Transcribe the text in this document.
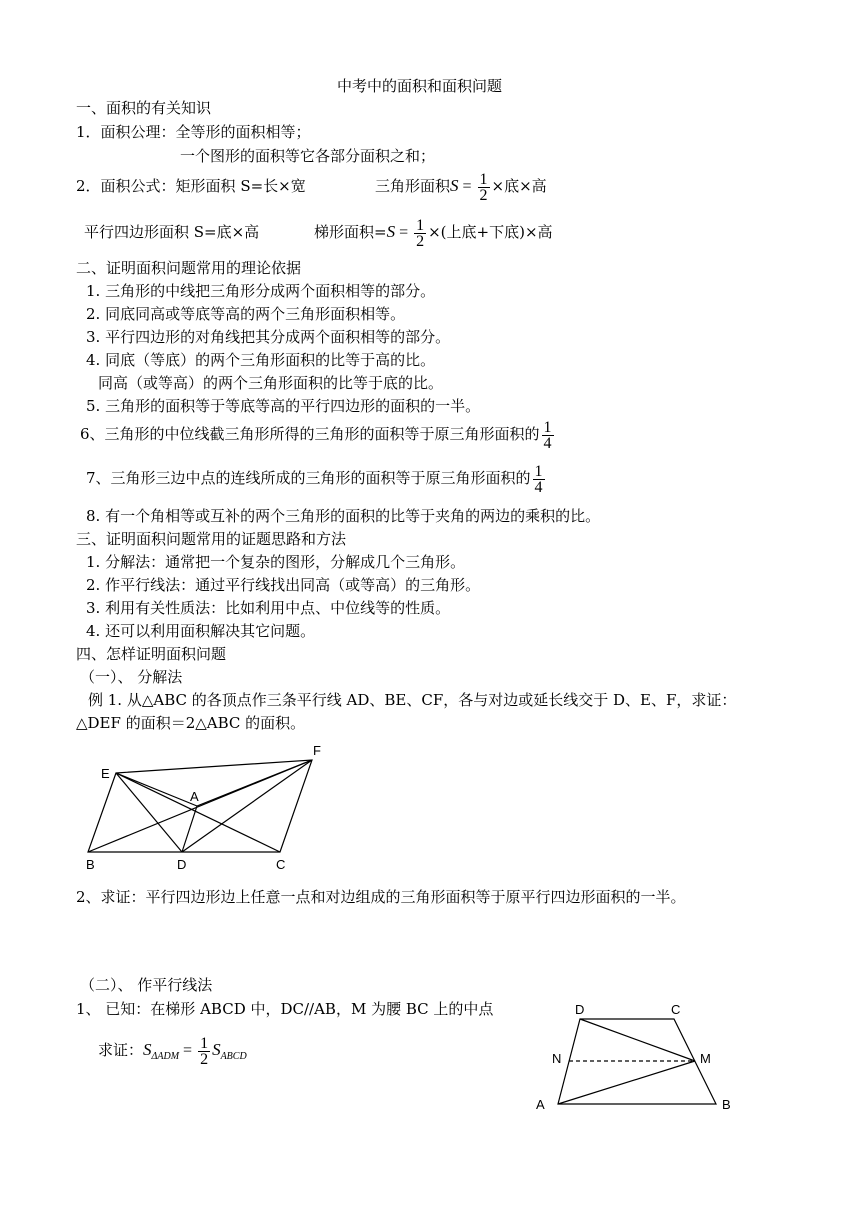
中考中的面积和面积问题
一、面积的有关知识
1．面积公理：全等形的面积相等；
一个图形的面积等它各部分面积之和；
2．面积公式：矩形面积 S=长×宽	三角形面积$S = \frac{1}{2}$ ×底×高
平行四边形面积 S=底×高	梯形面积$=S = \frac{1}{2}$ ×(上底+下底)×高
二、证明面积问题常用的理论依据
1. 三角形的中线把三角形分成两个面积相等的部分。
2. 同底同高或等底等高的两个三角形面积相等。
3. 平行四边形的对角线把其分成两个面积相等的部分。
4. 同底（等底）的两个三角形面积的比等于高的比。
同高（或等高）的两个三角形面积的比等于底的比。
5. 三角形的面积等于等底等高的平行四边形的面积的一半。
6、三角形的中位线截三角形所得的三角形的面积等于原三角形面积的 $\frac{1}{4}$
7、三角形三边中点的连线所成的三角形的面积等于原三角形面积的 $\frac{1}{4}$
8. 有一个角相等或互补的两个三角形的面积的比等于夹角的两边的乘积的比。
三、证明面积问题常用的证题思路和方法
1. 分解法：通常把一个复杂的图形，分解成几个三角形。
2. 作平行线法：通过平行线找出同高（或等高）的三角形。
3. 利用有关性质法：比如利用中点、中位线等的性质。
4. 还可以利用面积解决其它问题。
四、怎样证明面积问题
（一）、 分解法
例 1. 从△ABC 的各顶点作三条平行线 AD、BE、CF，各与对边或延长线交于 D、E、F，求证：
△DEF 的面积＝2△ABC 的面积。
E
F
A
B	D	C
2、求证：平行四边形边上任意一点和对边组成的三角形面积等于原平行四边形面积的一半。
（二）、 作平行线法
1、 已知：在梯形 ABCD 中，DC//AB，M 为腰 BC 上的中点
求证：$S_{\Delta ADM} = \frac{1}{2} S_{ABCD}$
D	C
N	M
A	B
